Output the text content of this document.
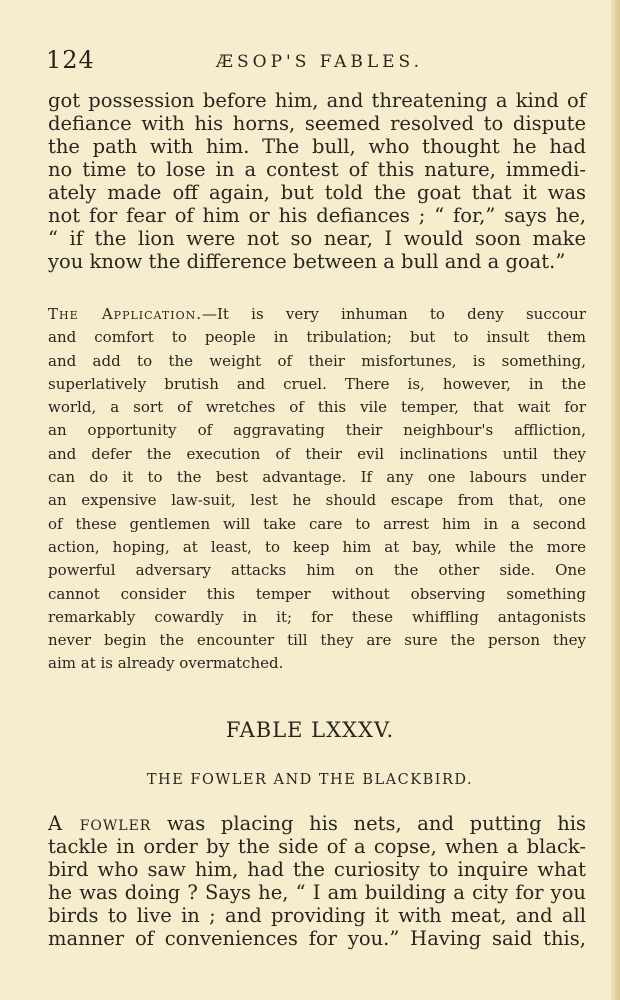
124	ÆSOP'S FABLES.
got possession before him, and threatening a kind of
defiance with his horns, seemed resolved to dispute
the path with him. The bull, who thought he had
no time to lose in a contest of this nature, immedi-
ately made off again, but told the goat that it was
not for fear of him or his defiances ; “ for,” says he,
“ if the lion were not so near, I would soon make
you know the difference between a bull and a goat.”
The Application.—It is very inhuman to deny succour
and comfort to people in tribulation; but to insult them
and add to the weight of their misfortunes, is something,
superlatively brutish and cruel. There is, however, in the
world, a sort of wretches of this vile temper, that wait for
an opportunity of aggravating their neighbour's affliction,
and defer the execution of their evil inclinations until they
can do it to the best advantage. If any one labours under
an expensive law-suit, lest he should escape from that, one
of these gentlemen will take care to arrest him in a second
action, hoping, at least, to keep him at bay, while the more
powerful adversary attacks him on the other side. One
cannot consider this temper without observing something
remarkably cowardly in it; for these whiffling antagonists
never begin the encounter till they are sure the person they
aim at is already overmatched.
FABLE LXXXV.
THE FOWLER AND THE BLACKBIRD.
A fowler was placing his nets, and putting his
tackle in order by the side of a copse, when a black-
bird who saw him, had the curiosity to inquire what
he was doing ? Says he, “ I am building a city for you
birds to live in ; and providing it with meat, and all
manner of conveniences for you.” Having said this,
